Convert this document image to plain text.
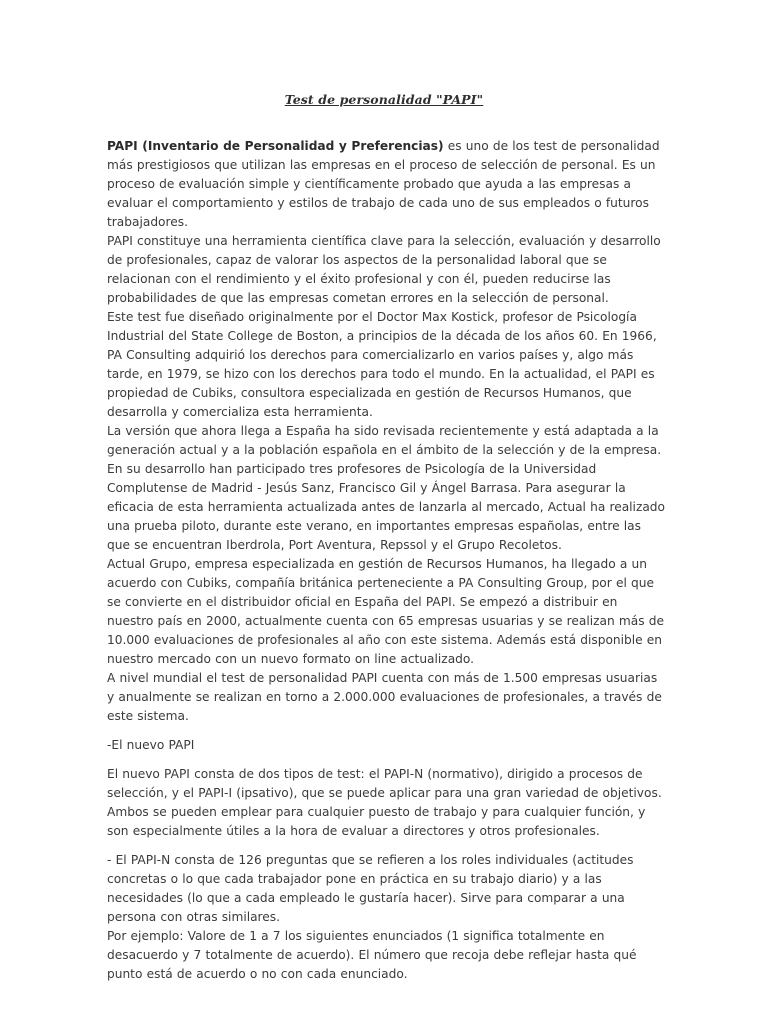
Test de personalidad "PAPI"

PAPI (Inventario de Personalidad y Preferencias) es uno de los test de personalidad más prestigiosos que utilizan las empresas en el proceso de selección de personal. Es un proceso de evaluación simple y científicamente probado que ayuda a las empresas a evaluar el comportamiento y estilos de trabajo de cada uno de sus empleados o futuros trabajadores.

PAPI constituye una herramienta científica clave para la selección, evaluación y desarrollo de profesionales, capaz de valorar los aspectos de la personalidad laboral que se relacionan con el rendimiento y el éxito profesional y con él, pueden reducirse las probabilidades de que las empresas cometan errores en la selección de personal.

Este test fue diseñado originalmente por el Doctor Max Kostick, profesor de Psicología Industrial del State College de Boston, a principios de la década de los años 60. En 1966, PA Consulting adquirió los derechos para comercializarlo en varios países y, algo más tarde, en 1979, se hizo con los derechos para todo el mundo. En la actualidad, el PAPI es propiedad de Cubiks, consultora especializada en gestión de Recursos Humanos, que desarrolla y comercializa esta herramienta.

La versión que ahora llega a España ha sido revisada recientemente y está adaptada a la generación actual y a la población española en el ámbito de la selección y de la empresa. En su desarrollo han participado tres profesores de Psicología de la Universidad Complutense de Madrid - Jesús Sanz, Francisco Gil y Ángel Barrasa. Para asegurar la eficacia de esta herramienta actualizada antes de lanzarla al mercado, Actual ha realizado una prueba piloto, durante este verano, en importantes empresas españolas, entre las que se encuentran Iberdrola, Port Aventura, Repssol y el Grupo Recoletos.

Actual Grupo, empresa especializada en gestión de Recursos Humanos, ha llegado a un acuerdo con Cubiks, compañía británica perteneciente a PA Consulting Group, por el que se convierte en el distribuidor oficial en España del PAPI. Se empezó a distribuir en nuestro país en 2000, actualmente cuenta con 65 empresas usuarias y se realizan más de 10.000 evaluaciones de profesionales al año con este sistema. Además está disponible en nuestro mercado con un nuevo formato on line actualizado.

A nivel mundial el test de personalidad PAPI cuenta con más de 1.500 empresas usuarias y anualmente se realizan en torno a 2.000.000 evaluaciones de profesionales, a través de este sistema.

-El nuevo PAPI

El nuevo PAPI consta de dos tipos de test: el PAPI-N (normativo), dirigido a procesos de selección, y el PAPI-I (ipsativo), que se puede aplicar para una gran variedad de objetivos. Ambos se pueden emplear para cualquier puesto de trabajo y para cualquier función, y son especialmente útiles a la hora de evaluar a directores y otros profesionales.

- El PAPI-N consta de 126 preguntas que se refieren a los roles individuales (actitudes concretas o lo que cada trabajador pone en práctica en su trabajo diario) y a las necesidades (lo que a cada empleado le gustaría hacer). Sirve para comparar a una persona con otras similares.

Por ejemplo: Valore de 1 a 7 los siguientes enunciados (1 significa totalmente en desacuerdo y 7 totalmente de acuerdo). El número que recoja debe reflejar hasta qué punto está de acuerdo o no con cada enunciado.
